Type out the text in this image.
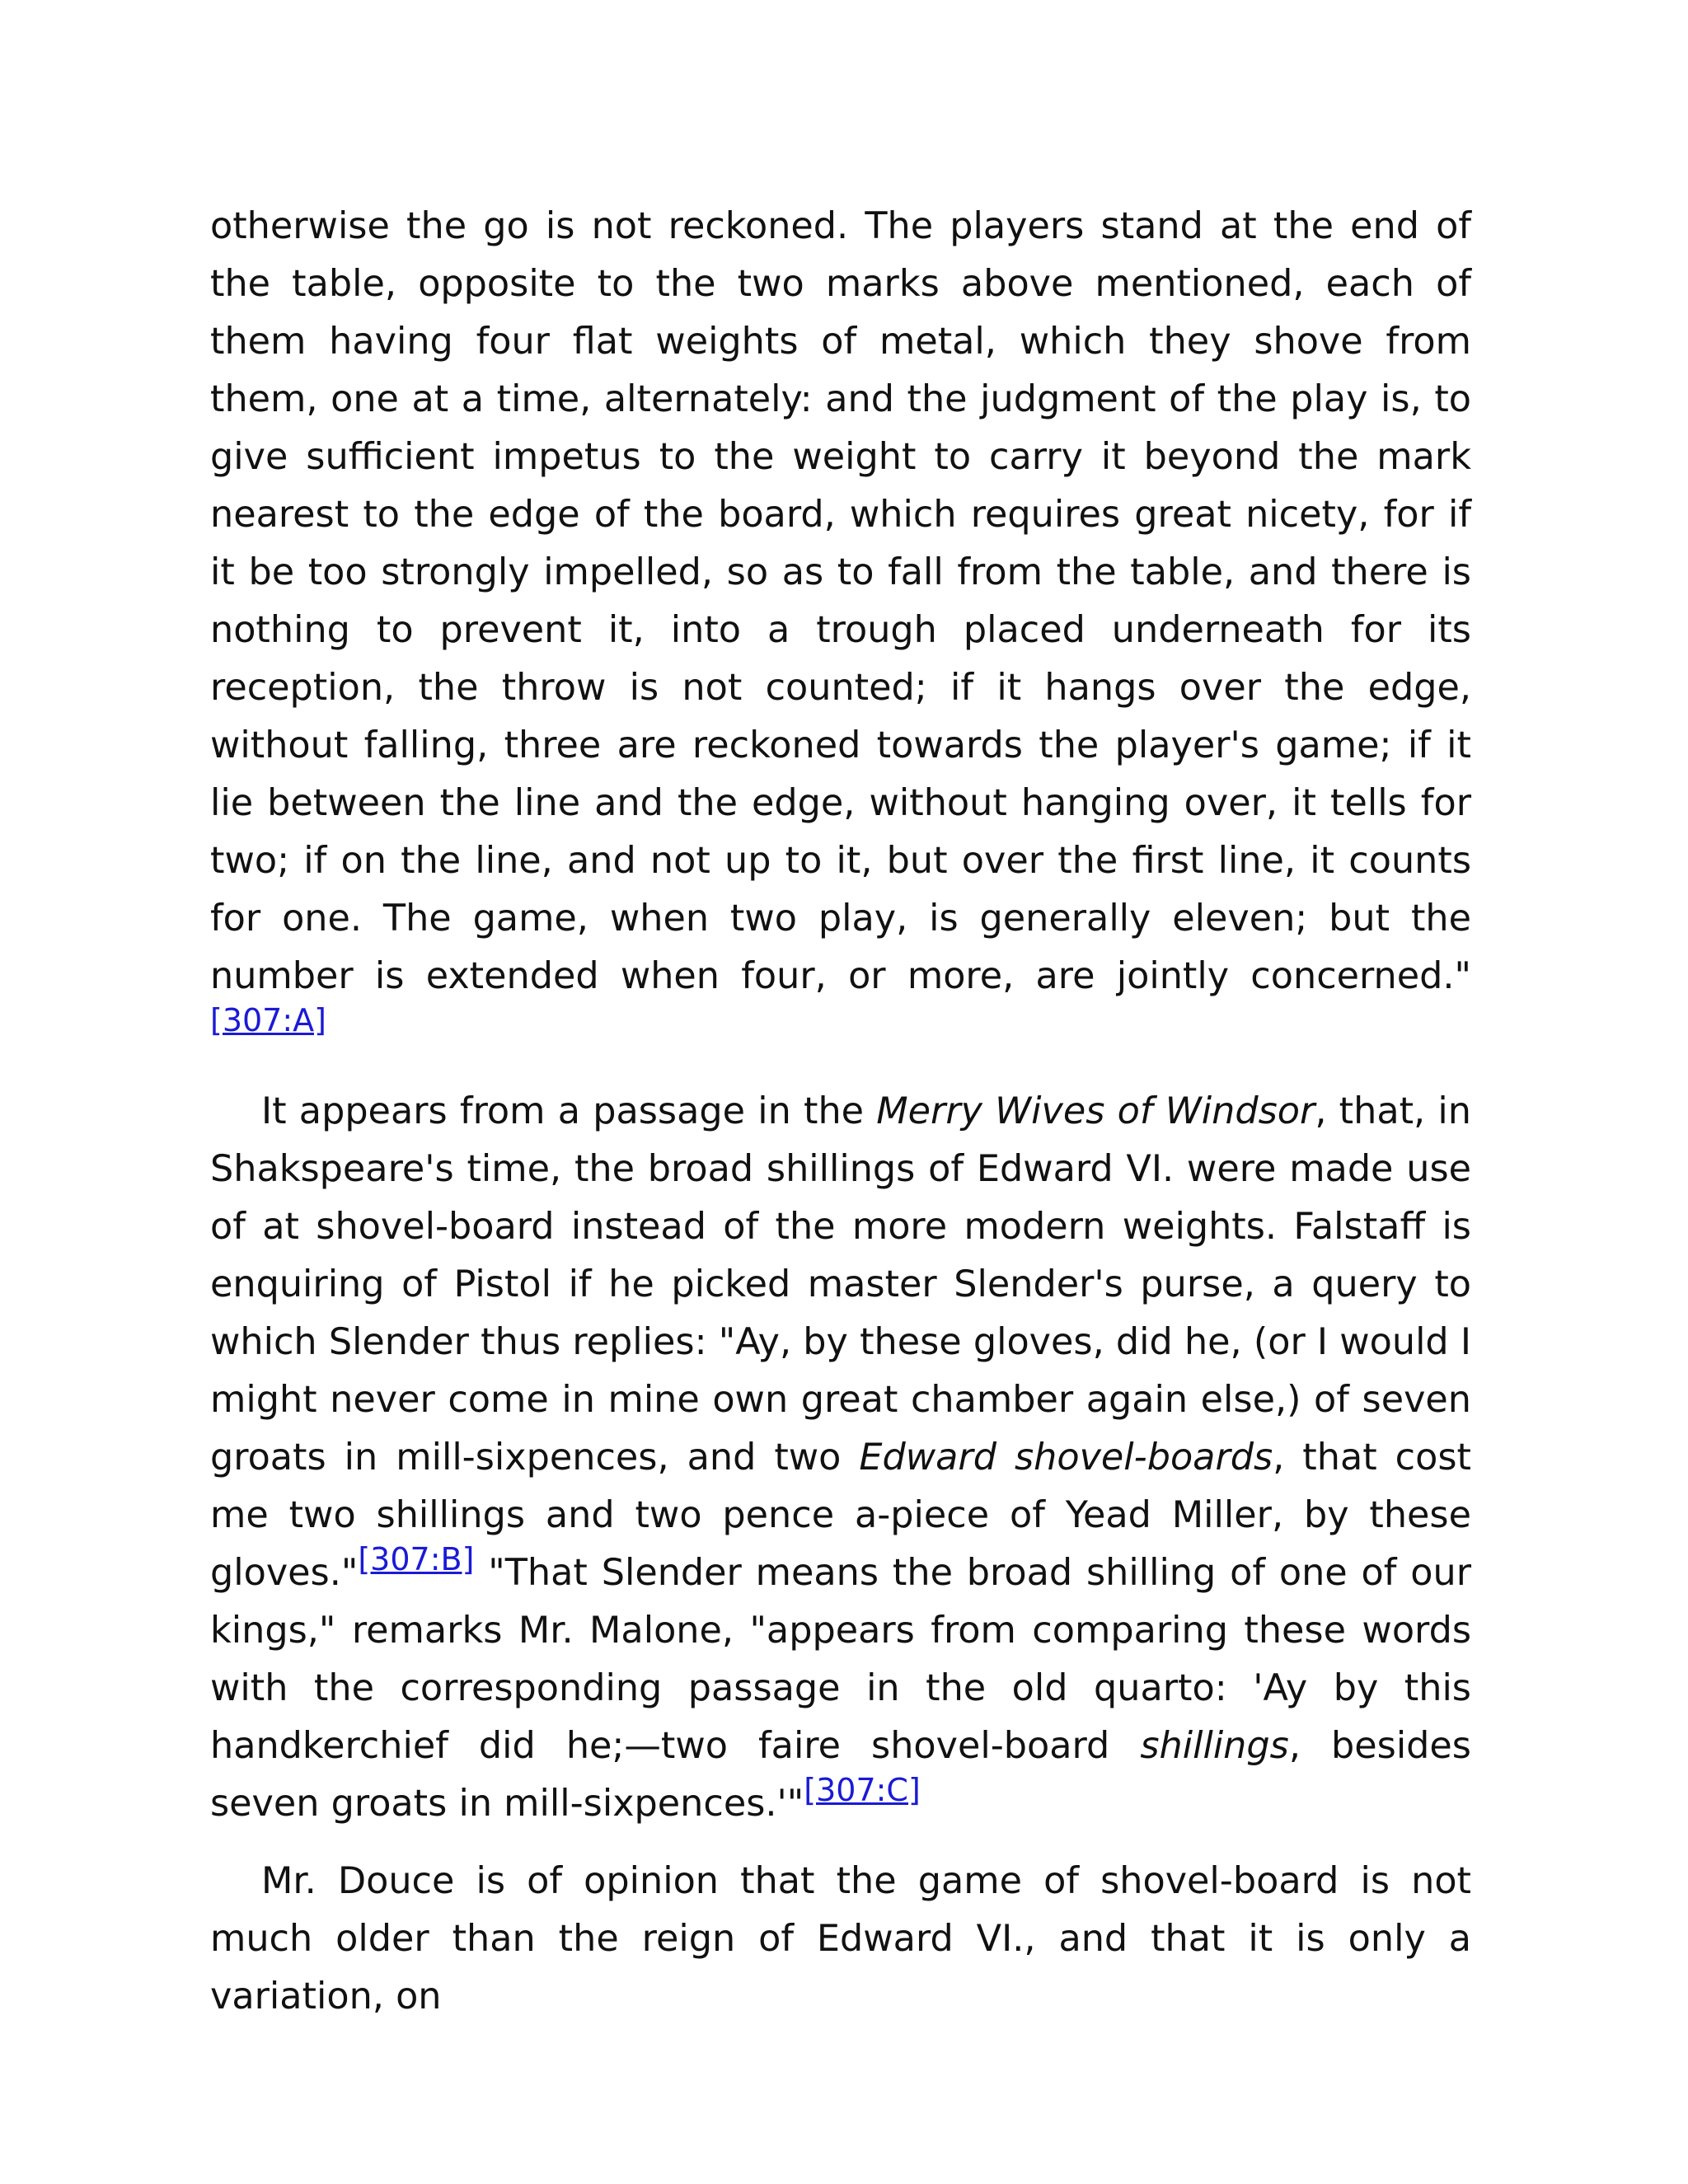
otherwise the go is not reckoned. The players stand at the end of the table, opposite to the two marks above mentioned, each of them having four flat weights of metal, which they shove from them, one at a time, alternately: and the judgment of the play is, to give sufficient impetus to the weight to carry it beyond the mark nearest to the edge of the board, which requires great nicety, for if it be too strongly impelled, so as to fall from the table, and there is nothing to prevent it, into a trough placed underneath for its reception, the throw is not counted; if it hangs over the edge, without falling, three are reckoned towards the player's game; if it lie between the line and the edge, without hanging over, it tells for two; if on the line, and not up to it, but over the first line, it counts for one. The game, when two play, is generally eleven; but the number is extended when four, or more, are jointly concerned."[307:A]

It appears from a passage in the Merry Wives of Windsor, that, in Shakspeare's time, the broad shillings of Edward VI. were made use of at shovel-board instead of the more modern weights. Falstaff is enquiring of Pistol if he picked master Slender's purse, a query to which Slender thus replies: "Ay, by these gloves, did he, (or I would I might never come in mine own great chamber again else,) of seven groats in mill-sixpences, and two Edward shovel-boards, that cost me two shillings and two pence a-piece of Yead Miller, by these gloves."[307:B] "That Slender means the broad shilling of one of our kings," remarks Mr. Malone, "appears from comparing these words with the corresponding passage in the old quarto: 'Ay by this handkerchief did he;—two faire shovel-board shillings, besides seven groats in mill-sixpences.'"[307:C]

Mr. Douce is of opinion that the game of shovel-board is not much older than the reign of Edward VI., and that it is only a variation, on
